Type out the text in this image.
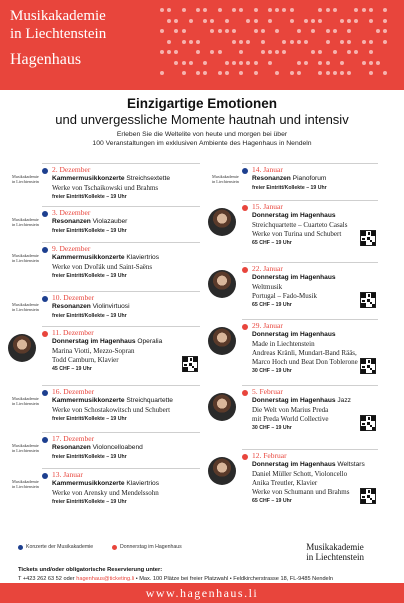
Musikakademie
in Liechtenstein
Hagenhaus
Einzigartige Emotionen
und unvergessliche Momente hautnah und intensiv
Erleben Sie die Weltelite von heute und morgen bei über
100 Veranstaltungen im exklusiven Ambiente des Hagenhaus in Nendeln
2. Dezember
Kammermusikkonzerte Streichsextette
Werke von Tschaikowski und Brahms
freier Eintritt/Kollekte – 19 Uhr
Musikakademie
in Liechtenstein
3. Dezember
Resonanzen Violazauber
freier Eintritt/Kollekte – 19 Uhr
Musikakademie
in Liechtenstein
9. Dezember
Kammermusikkonzerte Klaviertrios
Werke von Dvořák und Saint-Saëns
freier Eintritt/Kollekte – 19 Uhr
Musikakademie
in Liechtenstein
10. Dezember
Resonanzen Violinvirtuosi
freier Eintritt/Kollekte – 19 Uhr
Musikakademie
in Liechtenstein
11. Dezember
Donnerstag im Hagenhaus Operalia
Marina Viotti, Mezzo-Sopran
Todd Camburn, Klavier
45 CHF – 19 Uhr
16. Dezember
Kammermusikkonzerte Streichquartette
Werke von Schostakowitsch und Schubert
freier Eintritt/Kollekte – 19 Uhr
Musikakademie
in Liechtenstein
17. Dezember
Resonanzen Violoncelloabend
freier Eintritt/Kollekte – 19 Uhr
Musikakademie
in Liechtenstein
13. Januar
Kammermusikkonzerte Klaviertrios
Werke von Arensky und Mendelssohn
freier Eintritt/Kollekte – 19 Uhr
Musikakademie
in Liechtenstein
14. Januar
Resonanzen Pianoforum
freier Eintritt/Kollekte – 19 Uhr
Musikakademie
in Liechtenstein
15. Januar
Donnerstag im Hagenhaus
Streichquartette – Cuarteto Casals
Werke von Turina und Schubert
65 CHF – 19 Uhr
22. Januar
Donnerstag im Hagenhaus
Weltmusik
Portugal – Fado-Musik
65 CHF – 19 Uhr
29. Januar
Donnerstag im Hagenhaus
Made in Liechtenstein
Andreas Kränli, Mundart-Band Rääs,
Marco Hoch und Beat Don Toblerone
30 CHF – 19 Uhr
5. Februar
Donnerstag im Hagenhaus Jazz
Die Welt von Marius Preda
mit Preda World Collective
30 CHF – 19 Uhr
12. Februar
Donnerstag im Hagenhaus Weltstars
Daniel Müller Schott, Violoncello
Anika Treutler, Klavier
Werke von Schumann und Brahms
65 CHF – 19 Uhr
Konzerte der Musikakademie	Donnerstag im Hagenhaus	Musikakademie
in Liechtenstein
Tickets und/oder obligatorische Reservierung unter:
T +423 262 63 52 oder hagenhaus@ticketing.li • Max. 100 Plätze bei freier Platzwahl • Feldkircherstrasse 18, FL-9485 Nendeln
www.hagenhaus.li
